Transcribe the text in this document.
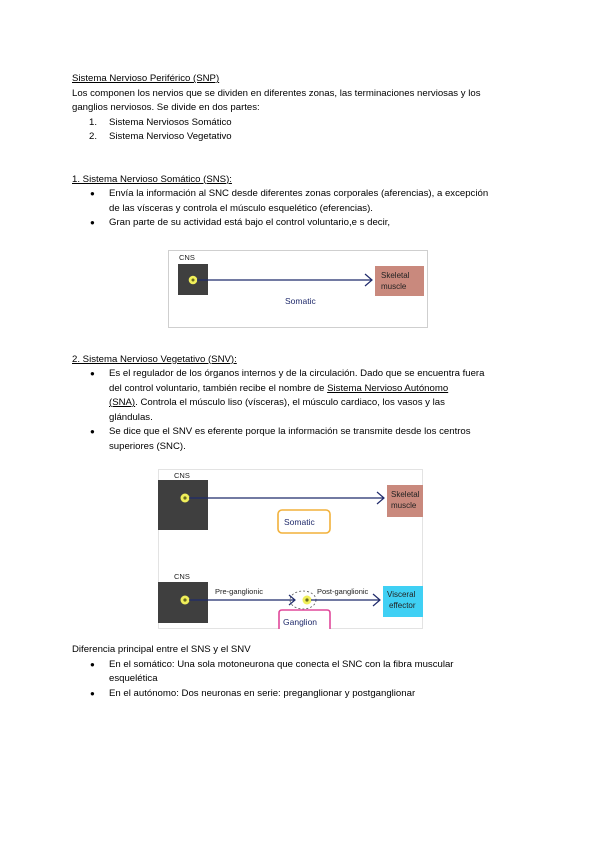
Sistema Nervioso Periférico (SNP)

Los componen los nervios que se dividen en diferentes zonas, las terminaciones nerviosas y los

ganglios nerviosos. Se divide en dos partes:

1. Sistema Nerviosos Somático
2. Sistema Nervioso Vegetativo

1. Sistema Nervioso Somático (SNS):

● Envía la información al SNC desde diferentes zonas corporales (aferencias), a excepción
de las vísceras y controla el músculo esquelético (eferencias).
● Gran parte de su actividad está bajo el control voluntario,e s decir,
CNS
Skeletal
muscle
Somatic

2. Sistema Nervioso Vegetativo (SNV):

● Es el regulador de los órganos internos y de la circulación. Dado que se encuentra fuera
del control voluntario, también recibe el nombre de Sistema Nervioso Autónomo
(SNA). Controla el músculo liso (vísceras), el músculo cardiaco, los vasos y las
glándulas.
● Se dice que el SNV es eferente porque la información se transmite desde los centros
superiores (SNC).
CNS
Skeletal
muscle
Somatic
CNS
Pre-ganglionic	Post-ganglionic Visceral
effector
Ganglion

Diferencia principal entre el SNS y el SNV

● En el somático: Una sola motoneurona que conecta el SNC con la fibra muscular
esquelética
● En el autónomo: Dos neuronas en serie: preganglionar y postganglionar
